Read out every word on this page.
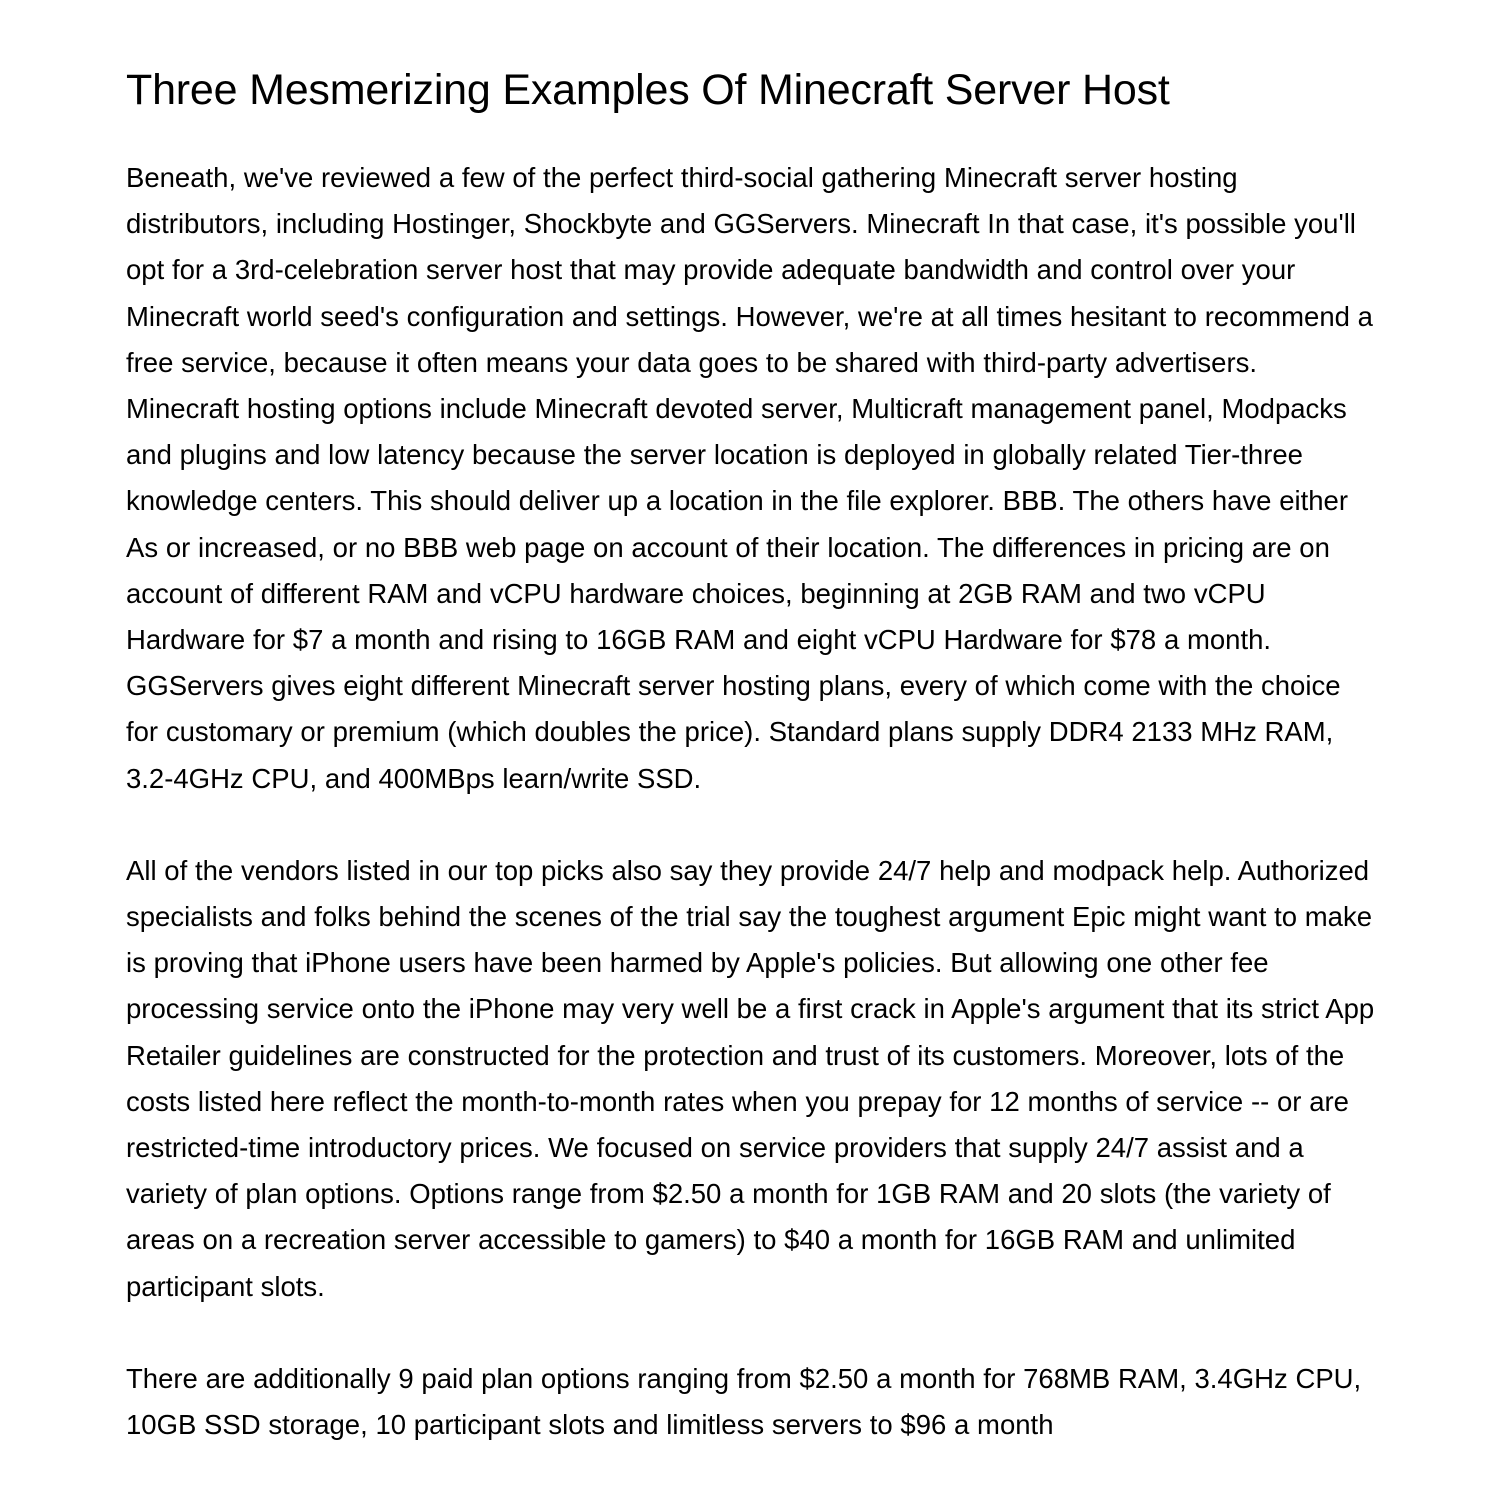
Three Mesmerizing Examples Of Minecraft Server Host

Beneath, we've reviewed a few of the perfect third-social gathering Minecraft server hosting distributors, including Hostinger, Shockbyte and GGServers. Minecraft In that case, it's possible you'll opt for a 3rd-celebration server host that may provide adequate bandwidth and control over your Minecraft world seed's configuration and settings. However, we're at all times hesitant to recommend a free service, because it often means your data goes to be shared with third-party advertisers. Minecraft hosting options include Minecraft devoted server, Multicraft management panel, Modpacks and plugins and low latency because the server location is deployed in globally related Tier-three knowledge centers. This should deliver up a location in the file explorer. BBB. The others have either As or increased, or no BBB web page on account of their location. The differences in pricing are on account of different RAM and vCPU hardware choices, beginning at 2GB RAM and two vCPU Hardware for $7 a month and rising to 16GB RAM and eight vCPU Hardware for $78 a month. GGServers gives eight different Minecraft server hosting plans, every of which come with the choice for customary or premium (which doubles the price). Standard plans supply DDR4 2133 MHz RAM, 3.2-4GHz CPU, and 400MBps learn/write SSD.

All of the vendors listed in our top picks also say they provide 24/7 help and modpack help. Authorized specialists and folks behind the scenes of the trial say the toughest argument Epic might want to make is proving that iPhone users have been harmed by Apple's policies. But allowing one other fee processing service onto the iPhone may very well be a first crack in Apple's argument that its strict App Retailer guidelines are constructed for the protection and trust of its customers. Moreover, lots of the costs listed here reflect the month-to-month rates when you prepay for 12 months of service -- or are restricted-time introductory prices. We focused on service providers that supply 24/7 assist and a variety of plan options. Options range from $2.50 a month for 1GB RAM and 20 slots (the variety of areas on a recreation server accessible to gamers) to $40 a month for 16GB RAM and unlimited participant slots.

There are additionally 9 paid plan options ranging from $2.50 a month for 768MB RAM, 3.4GHz CPU, 10GB SSD storage, 10 participant slots and limitless servers to $96 a month
